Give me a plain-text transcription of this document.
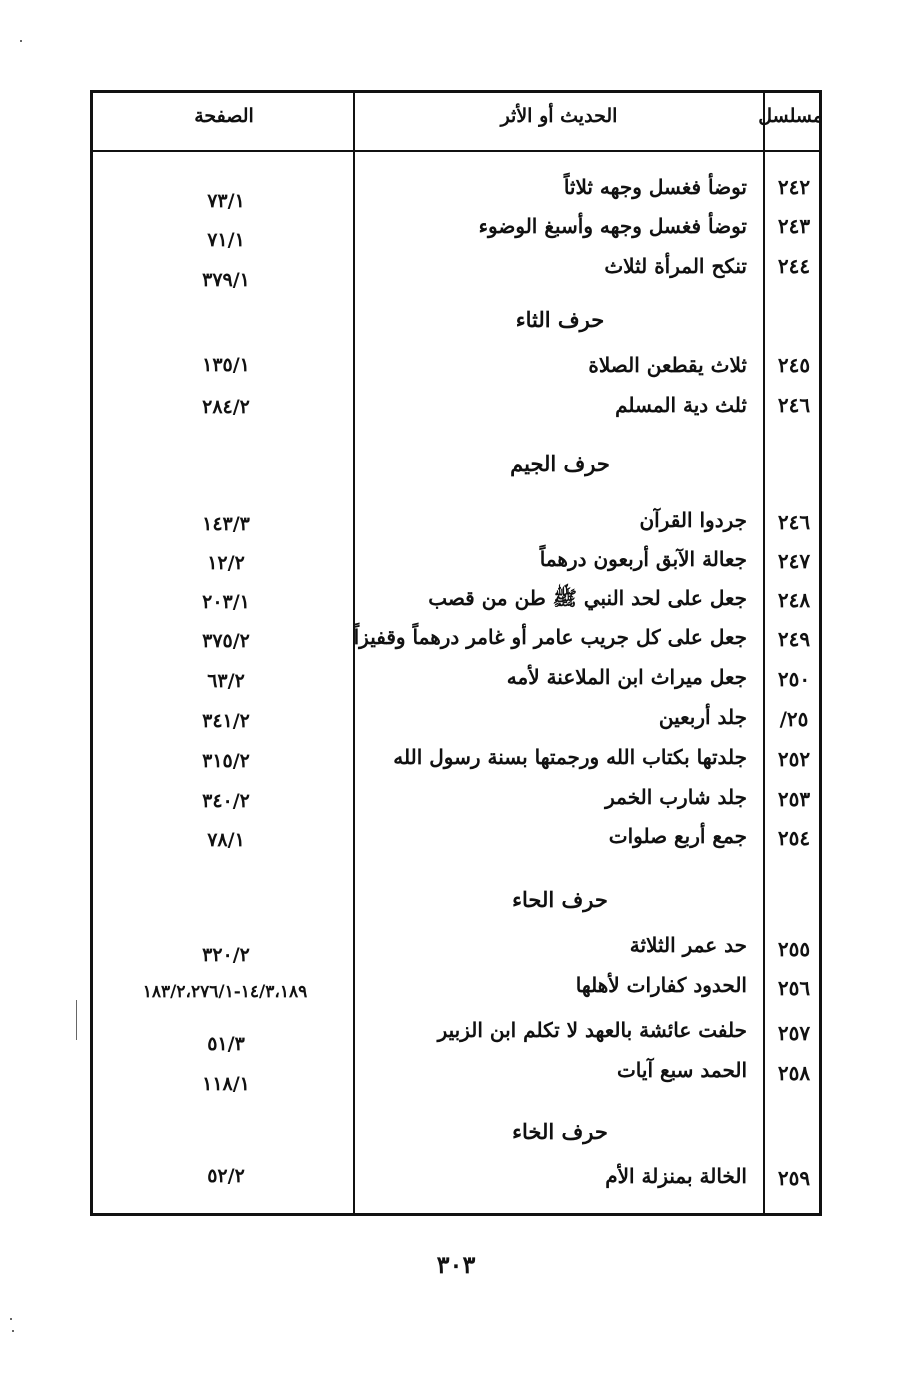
مسلسل
الحديث أو الأثر
الصفحة
٢٤٢
توضأ فغسل وجهه ثلاثاً
٧٣/١
٢٤٣
توضأ فغسل وجهه وأسبغ الوضوء
٧١/١
٢٤٤
تنكح المرأة لثلاث
٣٧٩/١
حرف الثاء
٢٤٥
ثلاث يقطعن الصلاة
١٣٥/١
٢٤٦
ثلث دية المسلم
٢٨٤/٢
حرف الجيم
٢٤٦
جردوا القرآن
١٤٣/٣
٢٤٧
جعالة الآبق أربعون درهماً
١٢/٢
٢٤٨
جعل على لحد النبي ﷺ طن من قصب
٢٠٣/١
٢٤٩
جعل على كل جريب عامر أو غامر درهماً وقفيزاً
٣٧٥/٢
٢٥٠
جعل ميراث ابن الملاعنة لأمه
٦٣/٢
٢٥/
جلد أربعين
٣٤١/٢
٢٥٢
جلدتها بكتاب الله ورجمتها بسنة رسول الله
٣١٥/٢
٢٥٣
جلد شارب الخمر
٣٤٠/٢
٢٥٤
جمع أربع صلوات
٧٨/١
حرف الحاء
٢٥٥
حد عمر الثلاثة
٣٢٠/٢
٢٥٦
الحدود كفارات لأهلها
١٤/٣،١٨٩-١٨٣/٢،٢٧٦/١
٢٥٧
حلفت عائشة بالعهد لا تكلم ابن الزبير
٥١/٣
٢٥٨
الحمد سبع آيات
١١٨/١
حرف الخاء
٢٥٩
الخالة بمنزلة الأم
٥٢/٢
٣٠٣
